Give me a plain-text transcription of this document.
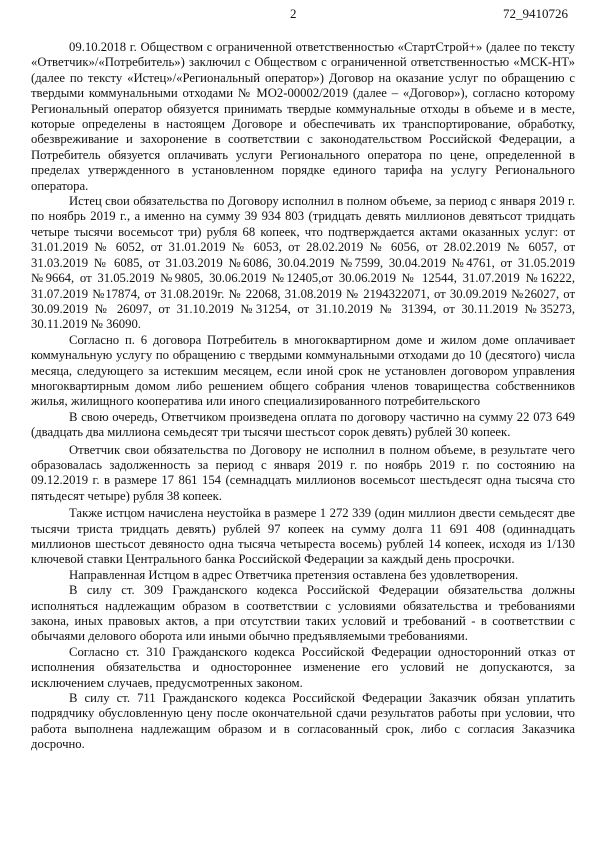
2	72_9410726

09.10.2018 г. Обществом с ограниченной ответственностью «СтартСтрой+» (далее по тексту «Ответчик»/«Потребитель») заключил с Обществом с ограниченной ответственностью «МСК-НТ» (далее по тексту «Истец»/«Региональный оператор») Договор на оказание услуг по обращению с твердыми коммунальными отходами № МО2-00002/2019 (далее – «Договор»), согласно которому Региональный оператор обязуется принимать твердые коммунальные отходы в объеме и в месте, которые определены в настоящем Договоре и обеспечивать их транспортирование, обработку, обезвреживание и захоронение в соответствии с законодательством Российской Федерации, а Потребитель обязуется оплачивать услуги Регионального оператора по цене, определенной в пределах утвержденного в установленном порядке единого тарифа на услугу Регионального оператора.

Истец свои обязательства по Договору исполнил в полном объеме, за период с января 2019 г. по ноябрь 2019 г., а именно на сумму 39 934 803 (тридцать девять миллионов девятьсот тридцать четыре тысячи восемьсот три) рубля 68 копеек, что подтверждается актами оказанных услуг: от 31.01.2019 № 6052, от 31.01.2019 № 6053, от 28.02.2019 № 6056, от 28.02.2019 № 6057, от 31.03.2019 № 6085, от 31.03.2019 №6086, 30.04.2019 №7599, 30.04.2019 №4761, от 31.05.2019 №9664, от 31.05.2019 №9805, 30.06.2019 №12405,от 30.06.2019 № 12544, 31.07.2019 №16222, 31.07.2019 №17874, от 31.08.2019г. № 22068, 31.08.2019 № 2194322071, от 30.09.2019 №26027, от 30.09.2019 № 26097, от 31.10.2019 №31254, от 31.10.2019 № 31394, от 30.11.2019 №35273, 30.11.2019 № 36090.

Согласно п. 6 договора Потребитель в многоквартирном доме и жилом доме оплачивает коммунальную услугу по обращению с твердыми коммунальными отходами до 10 (десятого) числа месяца, следующего за истекшим месяцем, если иной срок не установлен договором управления многоквартирным домом либо решением общего собрания членов товарищества собственников жилья, жилищного кооператива или иного специализированного потребительского

В свою очередь, Ответчиком произведена оплата по договору частично на сумму 22 073 649 (двадцать два миллиона семьдесят три тысячи шестьсот сорок девять) рублей 30 копеек.

Ответчик свои обязательства по Договору не исполнил в полном объеме, в результате чего образовалась задолженность за период с января 2019 г. по ноябрь 2019 г. по состоянию на 09.12.2019 г. в размере 17 861 154 (семнадцать миллионов восемьсот шестьдесят одна тысяча сто пятьдесят четыре) рубля 38 копеек.

Также истцом начислена неустойка в размере 1 272 339 (один миллион двести семьдесят две тысячи триста тридцать девять) рублей 97 копеек на сумму долга 11 691 408 (одиннадцать миллионов шестьсот девяносто одна тысяча четыреста восемь) рублей 14 копеек, исходя из 1/130 ключевой ставки Центрального банка Российской Федерации за каждый день просрочки.

Направленная Истцом в адрес Ответчика претензия оставлена без удовлетворения.

В силу ст. 309 Гражданского кодекса Российской Федерации обязательства должны исполняться надлежащим образом в соответствии с условиями обязательства и требованиями закона, иных правовых актов, а при отсутствии таких условий и требований - в соответствии с обычаями делового оборота или иными обычно предъявляемыми требованиями.

Согласно ст. 310 Гражданского кодекса Российской Федерации односторонний отказ от исполнения обязательства и одностороннее изменение его условий не допускаются, за исключением случаев, предусмотренных законом.

В силу ст. 711 Гражданского кодекса Российской Федерации Заказчик обязан уплатить подрядчику обусловленную цену после окончательной сдачи результатов работы при условии, что работа выполнена надлежащим образом и в согласованный срок, либо с согласия Заказчика досрочно.
